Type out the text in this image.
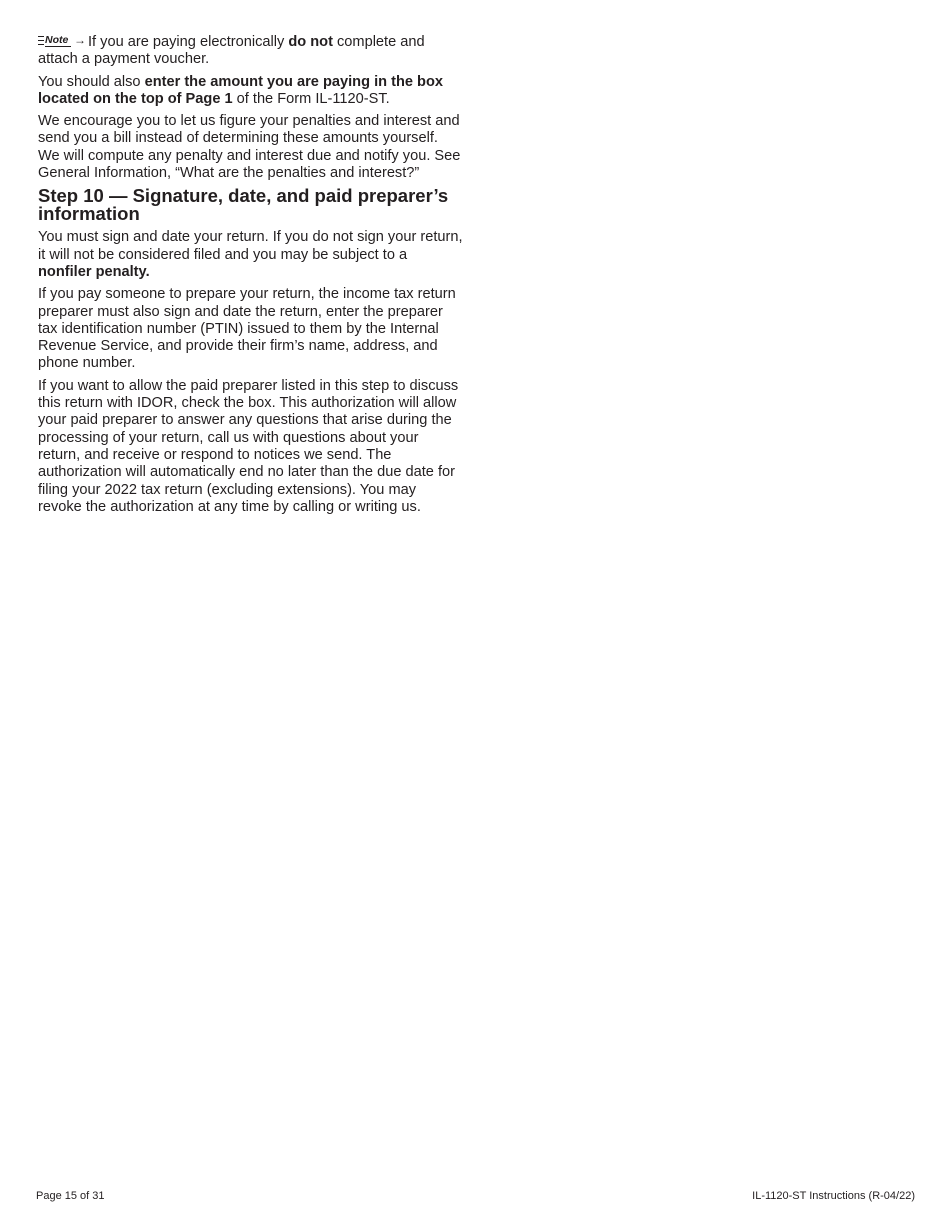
Note → If you are paying electronically do not complete and attach a payment voucher.

You should also enter the amount you are paying in the box located on the top of Page 1 of the Form IL-1120-ST.

We encourage you to let us figure your penalties and interest and send you a bill instead of determining these amounts yourself. We will compute any penalty and interest due and notify you. See General Information, “What are the penalties and interest?”

Step 10 — Signature, date, and paid preparer’s information

You must sign and date your return. If you do not sign your return, it will not be considered filed and you may be subject to a nonfiler penalty.

If you pay someone to prepare your return, the income tax return preparer must also sign and date the return, enter the preparer tax identification number (PTIN) issued to them by the Internal Revenue Service, and provide their firm’s name, address, and phone number.

If you want to allow the paid preparer listed in this step to discuss this return with IDOR, check the box. This authorization will allow your paid preparer to answer any questions that arise during the processing of your return, call us with questions about your return, and receive or respond to notices we send. The authorization will automatically end no later than the due date for filing your 2022 tax return (excluding extensions). You may revoke the authorization at any time by calling or writing us.

Page 15 of 31	IL-1120-ST Instructions (R-04/22)
